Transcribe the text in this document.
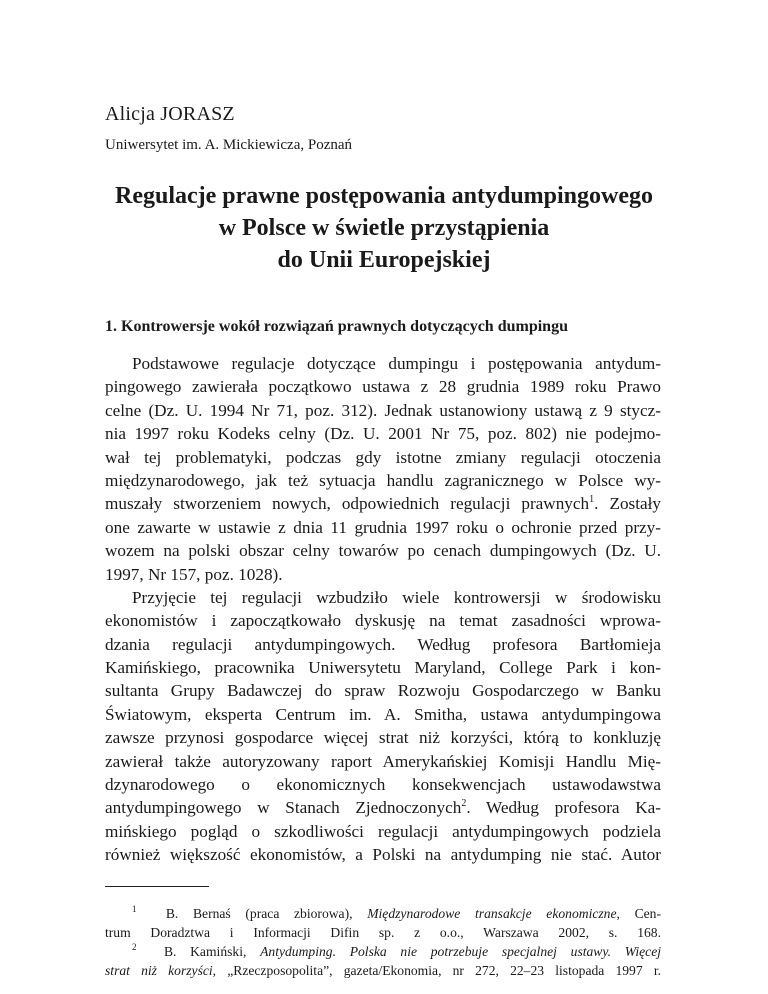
Alicja JORASZ
Uniwersytet im. A. Mickiewicza, Poznań
Regulacje prawne postępowania antydumpingowego
w Polsce w świetle przystąpienia
do Unii Europejskiej
1. Kontrowersje wokół rozwiązań prawnych dotyczących dumpingu
Podstawowe regulacje dotyczące dumpingu i postępowania antydum-
pingowego zawierała początkowo ustawa z 28 grudnia 1989 roku Prawo
celne (Dz. U. 1994 Nr 71, poz. 312). Jednak ustanowiony ustawą z 9 stycz-
nia 1997 roku Kodeks celny (Dz. U. 2001 Nr 75, poz. 802) nie podejmo-
wał tej problematyki, podczas gdy istotne zmiany regulacji otoczenia
międzynarodowego, jak też sytuacja handlu zagranicznego w Polsce wy-
muszały stworzeniem nowych, odpowiednich regulacji prawnych$^1$. Zostały
one zawarte w ustawie z dnia 11 grudnia 1997 roku o ochronie przed przy-
wozem na polski obszar celny towarów po cenach dumpingowych (Dz. U.
1997, Nr 157, poz. 1028).
Przyjęcie tej regulacji wzbudziło wiele kontrowersji w środowisku
ekonomistów i zapoczątkowało dyskusję na temat zasadności wprowa-
dzania regulacji antydumpingowych. Według profesora Bartłomieja
Kamińskiego, pracownika Uniwersytetu Maryland, College Park i kon-
sultanta Grupy Badawczej do spraw Rozwoju Gospodarczego w Banku
Światowym, eksperta Centrum im. A. Smitha, ustawa antydumpingowa
zawsze przynosi gospodarce więcej strat niż korzyści, którą to konkluzję
zawierał także autoryzowany raport Amerykańskiej Komisji Handlu Mię-
dzynarodowego o ekonomicznych konsekwencjach ustawodawstwa
antydumpingowego w Stanach Zjednoczonych$^2$. Według profesora Ka-
mińskiego pogląd o szkodliwości regulacji antydumpingowych podziela
również większość ekonomistów, a Polski na antydumping nie stać. Autor
$^1$ B. Bernaś (praca zbiorowa), Międzynarodowe transakcje ekonomiczne, Cen-
trum Doradztwa i Informacji Difin sp. z o.o., Warszawa 2002, s. 168.
$^2$ B. Kamiński, Antydumping. Polska nie potrzebuje specjalnej ustawy. Więcej
strat niż korzyści, „Rzeczposopolita”, gazeta/Ekonomia, nr 272, 22–23 listopada 1997 r.
